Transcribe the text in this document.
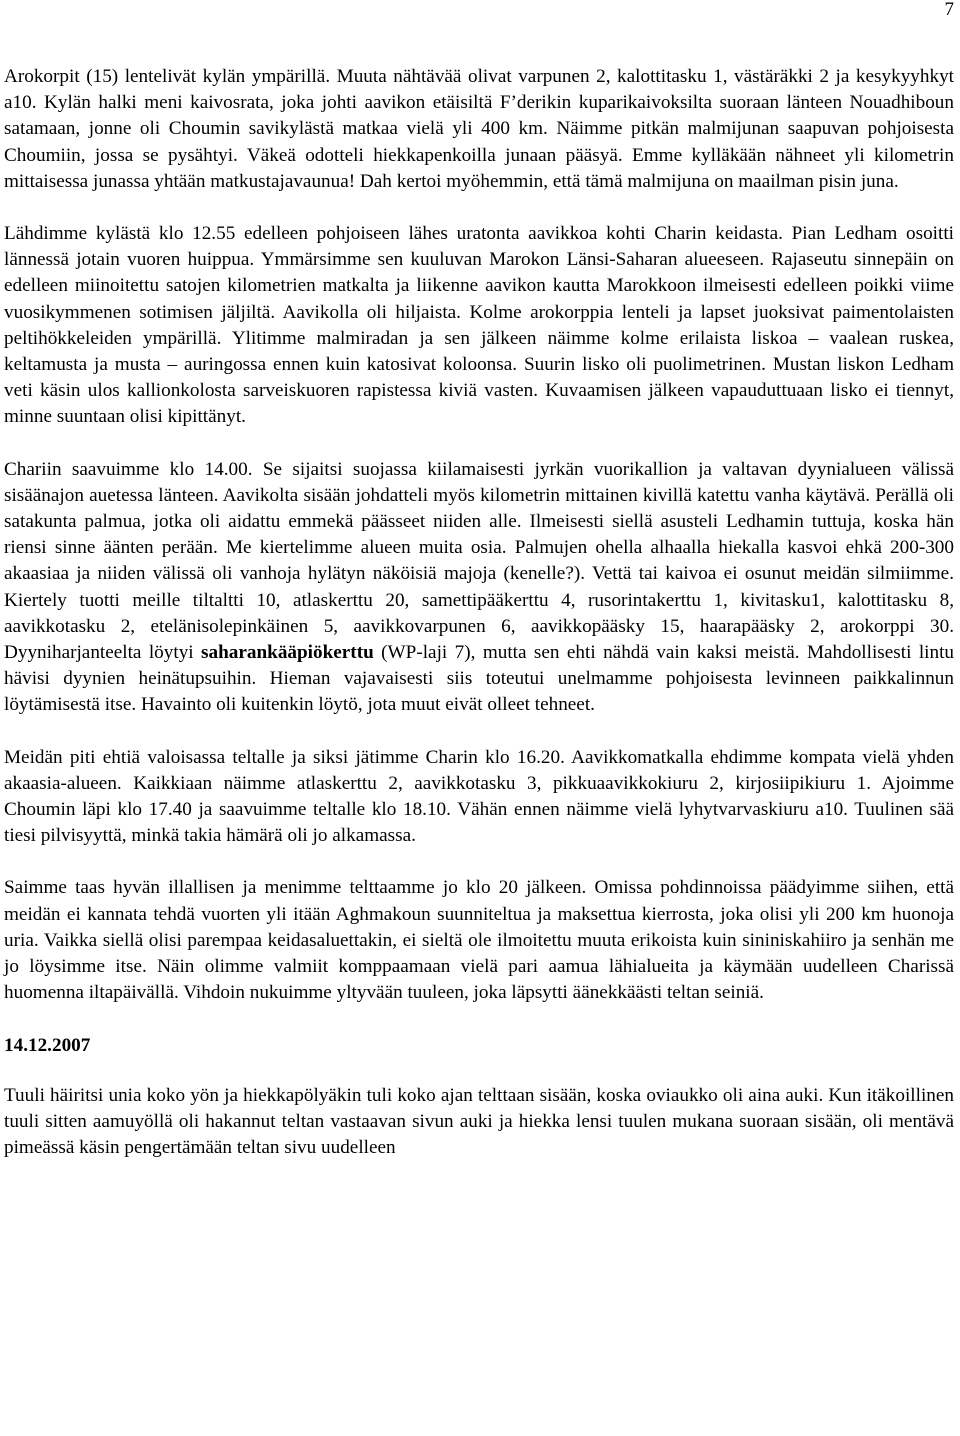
7

Arokorpit (15) lentelivät kylän ympärillä. Muuta nähtävää olivat varpunen 2, kalottitasku 1, västäräkki 2 ja kesykyyhkyt a10. Kylän halki meni kaivosrata, joka johti aavikon etäisiltä F’derikin kuparikaivoksilta suoraan länteen Nouadhiboun satamaan, jonne oli Choumin savikylästä matkaa vielä yli 400 km. Näimme pitkän malmijunan saapuvan pohjoisesta Choumiin, jossa se pysähtyi. Väkeä odotteli hiekkapenkoilla junaan pääsyä. Emme kylläkään nähneet yli kilometrin mittaisessa junassa yhtään matkustajavaunua! Dah kertoi myöhemmin, että tämä malmijuna on maailman pisin juna.

Lähdimme kylästä klo 12.55 edelleen pohjoiseen lähes uratonta aavikkoa kohti Charin keidasta. Pian Ledham osoitti lännessä jotain vuoren huippua. Ymmärsimme sen kuuluvan Marokon Länsi-Saharan alueeseen. Rajaseutu sinnepäin on edelleen miinoitettu satojen kilometrien matkalta ja liikenne aavikon kautta Marokkoon ilmeisesti edelleen poikki viime vuosikymmenen sotimisen jäljiltä. Aavikolla oli hiljaista. Kolme arokorppia lenteli ja lapset juoksivat paimentolaisten peltihökkeleiden ympärillä. Ylitimme malmiradan ja sen jälkeen näimme kolme erilaista liskoa – vaalean ruskea, keltamusta ja musta – auringossa ennen kuin katosivat koloonsa. Suurin lisko oli puolimetrinen. Mustan liskon Ledham veti käsin ulos kallionkolosta sarveiskuoren rapistessa kiviä vasten. Kuvaamisen jälkeen vapauduttuaan lisko ei tiennyt, minne suuntaan olisi kipittänyt.

Chariin saavuimme klo 14.00. Se sijaitsi suojassa kiilamaisesti jyrkän vuorikallion ja valtavan dyynialueen välissä sisäänajon auetessa länteen. Aavikolta sisään johdatteli myös kilometrin mittainen kivillä katettu vanha käytävä. Perällä oli satakunta palmua, jotka oli aidattu emmekä päässeet niiden alle. Ilmeisesti siellä asusteli Ledhamin tuttuja, koska hän riensi sinne äänten perään. Me kiertelimme alueen muita osia. Palmujen ohella alhaalla hiekalla kasvoi ehkä 200-300 akaasiaa ja niiden välissä oli vanhoja hylätyn näköisiä majoja (kenelle?). Vettä tai kaivoa ei osunut meidän silmiimme. Kiertely tuotti meille tiltaltti 10, atlaskerttu 20, samettipääkerttu 4, rusorintakerttu 1, kivitasku1, kalottitasku 8, aavikkotasku 2, etelänisolepinkäinen 5, aavikkovarpunen 6, aavikkopääsky 15, haarapääsky 2, arokorppi 30. Dyyniharjanteelta löytyi saharankääpiökerttu (WP-laji 7), mutta sen ehti nähdä vain kaksi meistä. Mahdollisesti lintu hävisi dyynien heinätupsuihin. Hieman vajavaisesti siis toteutui unelmamme pohjoisesta levinneen paikkalinnun löytämisestä itse. Havainto oli kuitenkin löytö, jota muut eivät olleet tehneet.

Meidän piti ehtiä valoisassa teltalle ja siksi jätimme Charin klo 16.20. Aavikkomatkalla ehdimme kompata vielä yhden akaasia-alueen. Kaikkiaan näimme atlaskerttu 2, aavikkotasku 3, pikkuaavikkokiuru 2, kirjosiipikiuru 1. Ajoimme Choumin läpi klo 17.40 ja saavuimme teltalle klo 18.10. Vähän ennen näimme vielä lyhytvarvaskiuru a10. Tuulinen sää tiesi pilvisyyttä, minkä takia hämärä oli jo alkamassa.

Saimme taas hyvän illallisen ja menimme telttaamme jo klo 20 jälkeen. Omissa pohdinnoissa päädyimme siihen, että meidän ei kannata tehdä vuorten yli itään Aghmakoun suunniteltua ja maksettua kierrosta, joka olisi yli 200 km huonoja uria. Vaikka siellä olisi parempaa keidasaluettakin, ei sieltä ole ilmoitettu muuta erikoista kuin sininiskahiiro ja senhän me jo löysimme itse. Näin olimme valmiit komppaamaan vielä pari aamua lähialueita ja käymään uudelleen Charissä huomenna iltapäivällä. Vihdoin nukuimme yltyvään tuuleen, joka läpsytti äänekkäästi teltan seiniä.

14.12.2007

Tuuli häiritsi unia koko yön ja hiekkapölyäkin tuli koko ajan telttaan sisään, koska oviaukko oli aina auki. Kun itäkoillinen tuuli sitten aamuyöllä oli hakannut teltan vastaavan sivun auki ja hiekka lensi tuulen mukana suoraan sisään, oli mentävä pimeässä käsin pengertämään teltan sivu uudelleen
